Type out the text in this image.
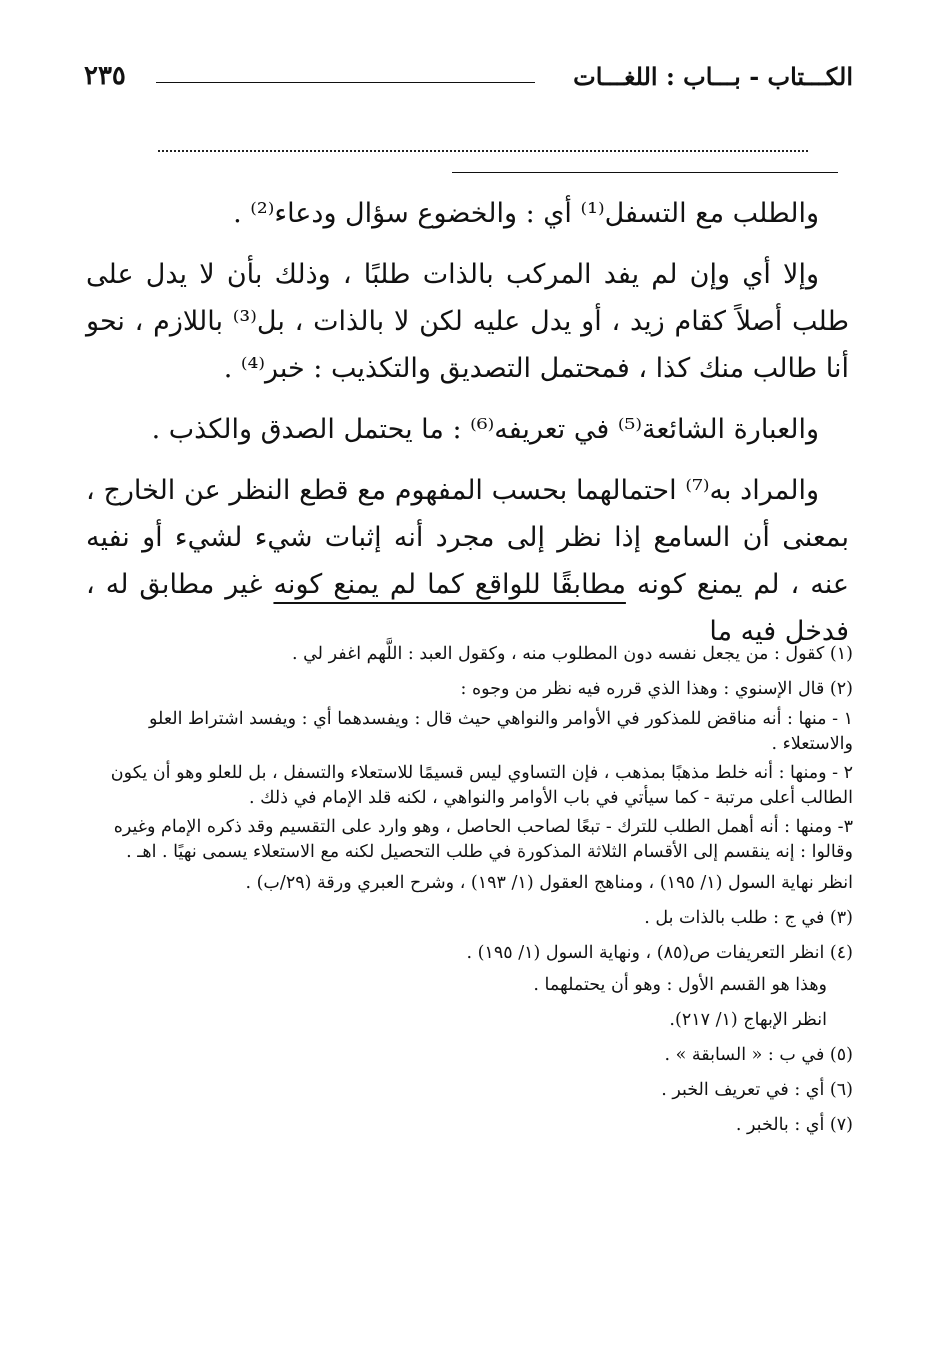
الكـــتاب - بـــاب : اللغـــات
٢٣٥

والطلب مع التسفل⁽¹⁾ أي : والخضوع سؤال ودعاء⁽²⁾ .

وإلا أي وإن لم يفد المركب بالذات طلبًا ، وذلك بأن لا يدل على طلب أصلاً كقام زيد ، أو يدل عليه لكن لا بالذات ، بل⁽³⁾ باللازم ، نحو أنا طالب منك كذا ، فمحتمل التصديق والتكذيب : خبر⁽⁴⁾ .

والعبارة الشائعة⁽⁵⁾ في تعريفه⁽⁶⁾ : ما يحتمل الصدق والكذب .

والمراد به⁽⁷⁾ احتمالهما بحسب المفهوم مع قطع النظر عن الخارج ، بمعنى أن السامع إذا نظر إلى مجرد أنه إثبات شيء لشيء أو نفيه عنه ، لم يمنع كونه مطابقًا للواقع كما لم يمنع كونه غير مطابق له ، فدخل فيه ما

(١) كقول : من يجعل نفسه دون المطلوب منه ، وكقول العبد : اللَّهم اغفر لي .

(٢) قال الإسنوي : وهذا الذي قرره فيه نظر من وجوه :

١ - منها : أنه مناقض للمذكور في الأوامر والنواهي حيث قال : ويفسدهما أي : ويفسد اشتراط العلو والاستعلاء .

٢ - ومنها : أنه خلط مذهبًا بمذهب ، فإن التساوي ليس قسيمًا للاستعلاء والتسفل ، بل للعلو وهو أن يكون الطالب أعلى مرتبة - كما سيأتي في باب الأوامر والنواهي ، لكنه قلد الإمام في ذلك .

٣- ومنها : أنه أهمل الطلب للترك - تبعًا لصاحب الحاصل ، وهو وارد على التقسيم وقد ذكره الإمام وغيره وقالوا : إنه ينقسم إلى الأقسام الثلاثة المذكورة في طلب التحصيل لكنه مع الاستعلاء يسمى نهيًا . اهـ .

انظر نهاية السول (١/ ١٩٥) ، ومناهج العقول (١/ ١٩٣) ، وشرح العبري ورقة (٢٩/ب) .

(٣) في ج : طلب بالذات بل .

(٤) انظر التعريفات ص(٨٥) ، ونهاية السول (١/ ١٩٥) .

وهذا هو القسم الأول : وهو أن يحتملهما .

انظر الإبهاج (١/ ٢١٧).

(٥) في ب : « السابقة » .

(٦) أي : في تعريف الخبر .

(٧) أي : بالخبر .
